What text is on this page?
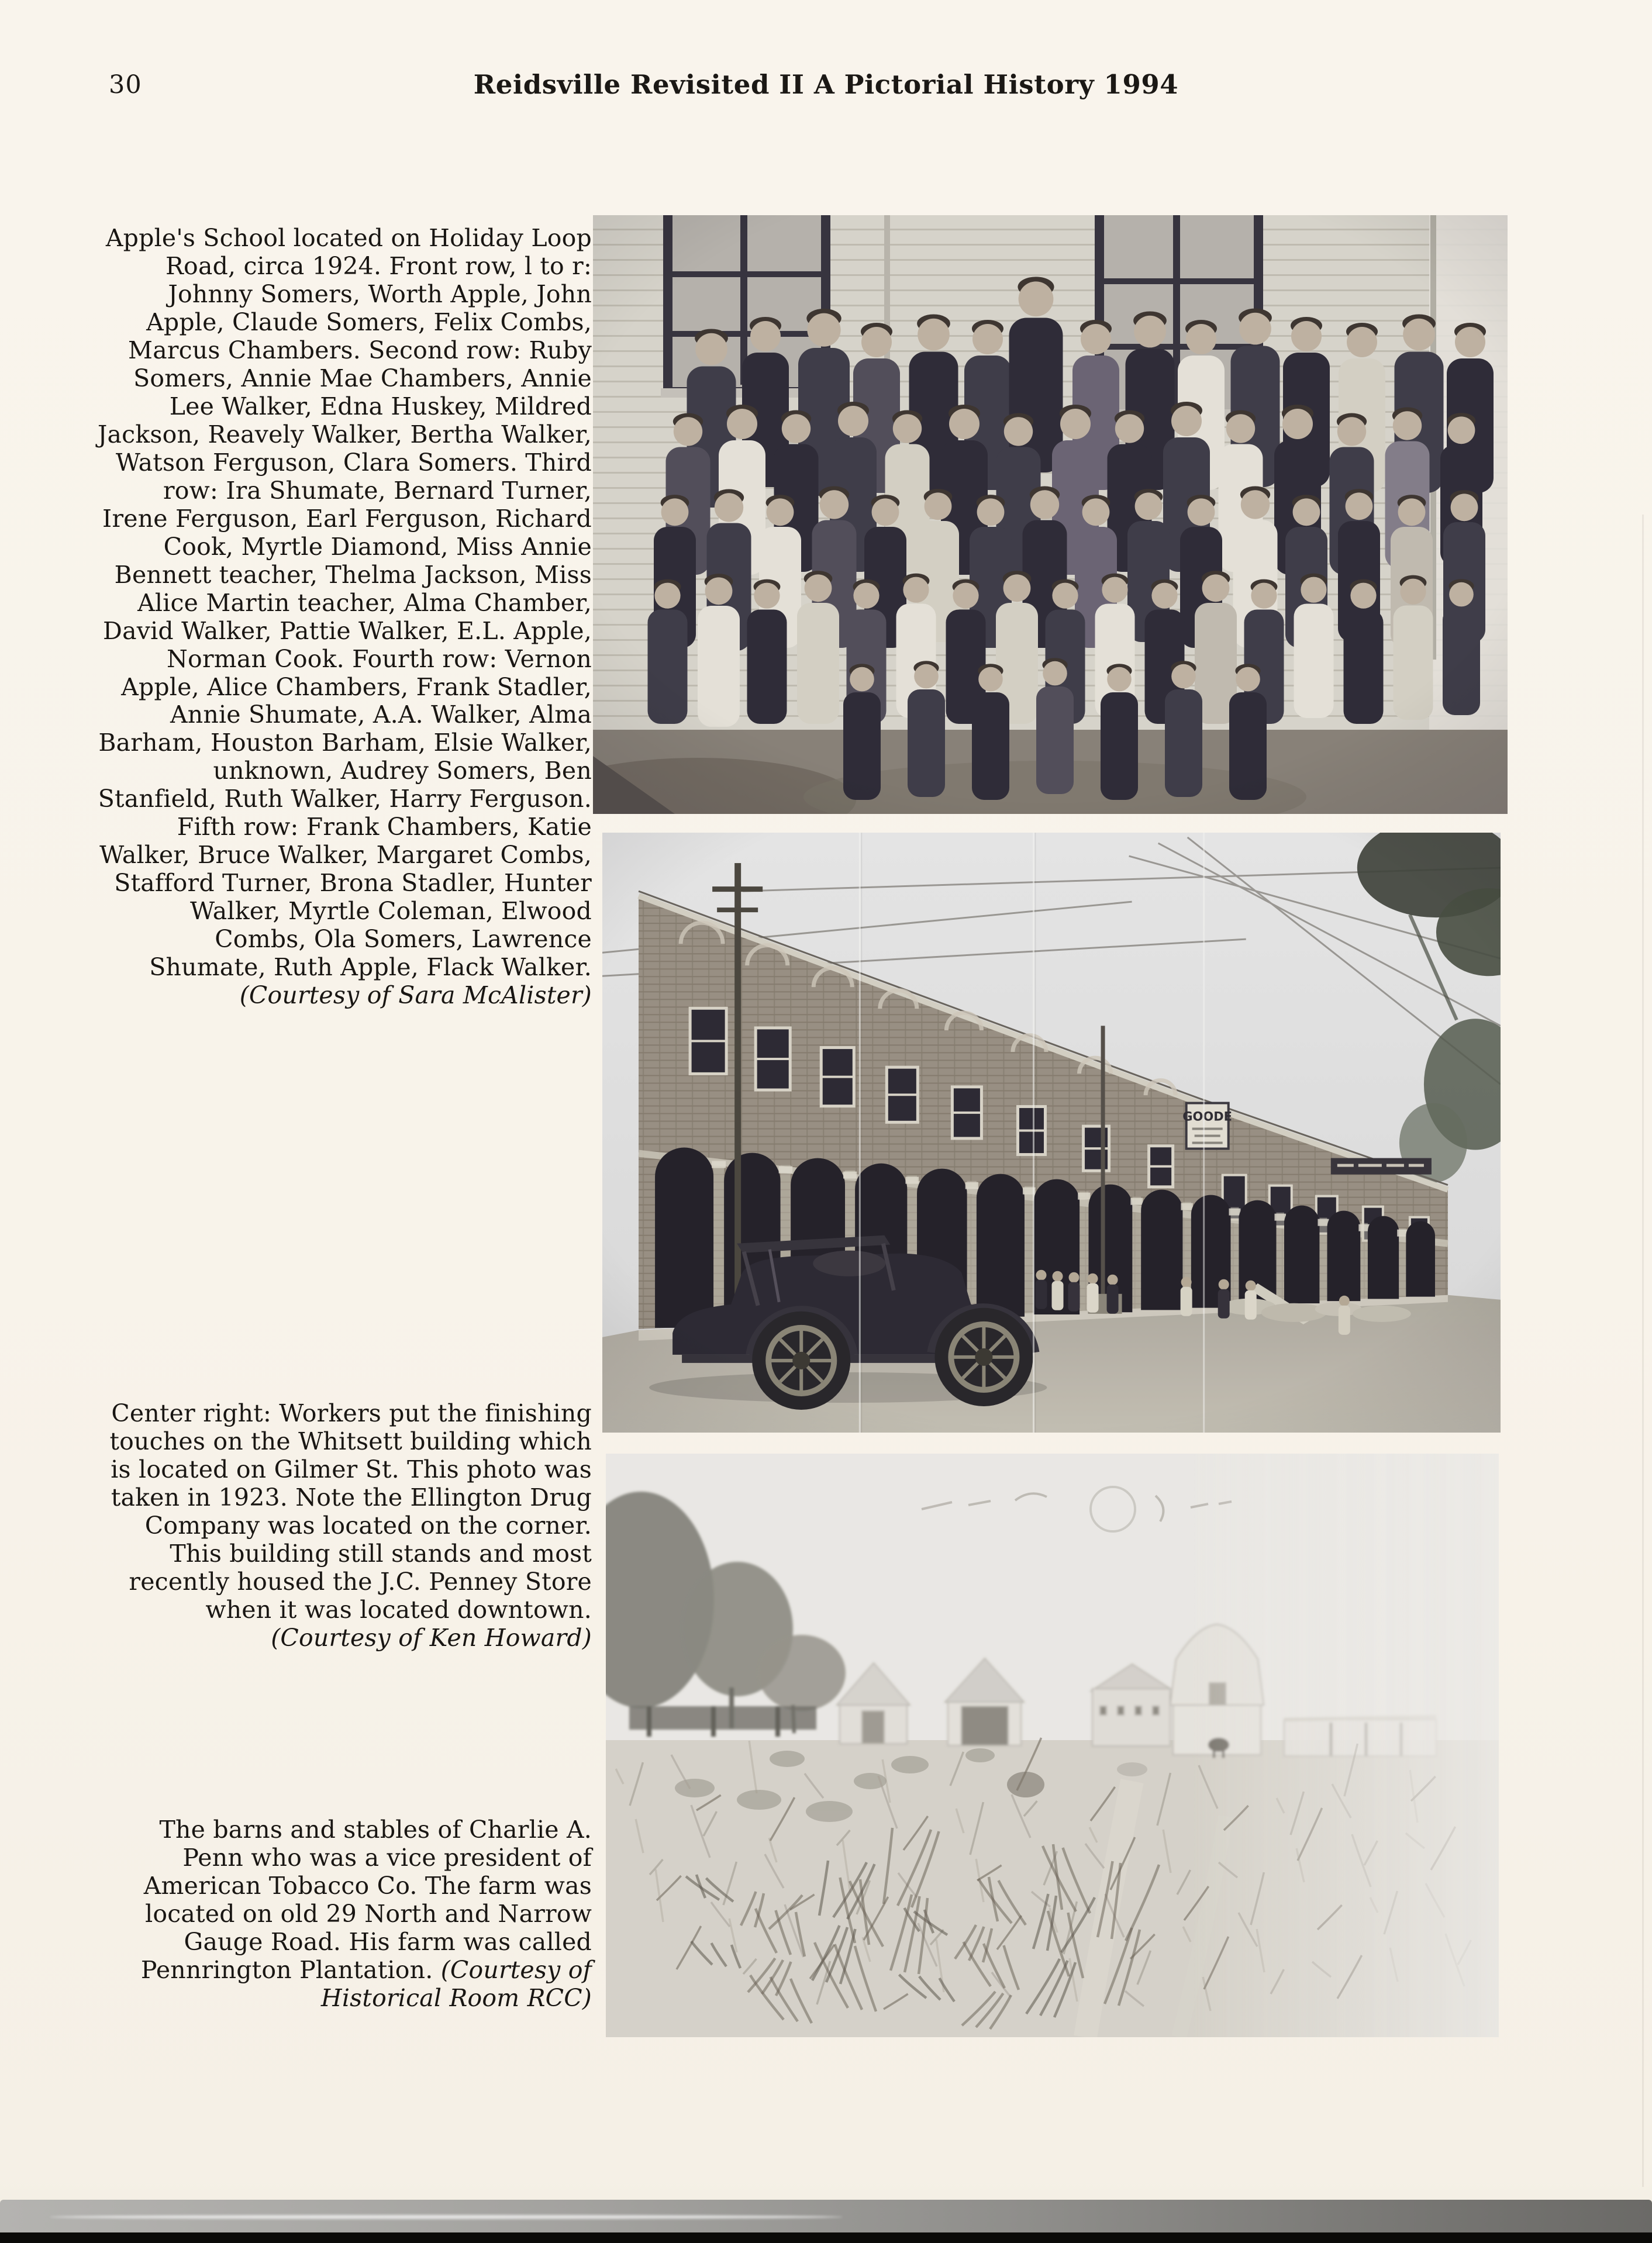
30	Reidsville Revisited II A Pictorial History 1994
Apple's School located on Holiday Loop Road, circa 1924. Front row, l to r: Johnny Somers, Worth Apple, John Apple, Claude Somers, Felix Combs, Marcus Chambers. Second row: Ruby Somers, Annie Mae Chambers, Annie Lee Walker, Edna Huskey, Mildred Jackson, Reavely Walker, Bertha Walker, Watson Ferguson, Clara Somers. Third row: Ira Shumate, Bernard Turner, Irene Ferguson, Earl Ferguson, Richard Cook, Myrtle Diamond, Miss Annie Bennett teacher, Thelma Jackson, Miss Alice Martin teacher, Alma Chamber, David Walker, Pattie Walker, E.L. Apple, Norman Cook. Fourth row: Vernon Apple, Alice Chambers, Frank Stadler, Annie Shumate, A.A. Walker, Alma Barham, Houston Barham, Elsie Walker, unknown, Audrey Somers, Ben Stanfield, Ruth Walker, Harry Ferguson. Fifth row: Frank Chambers, Katie Walker, Bruce Walker, Margaret Combs, Stafford Turner, Brona Stadler, Hunter Walker, Myrtle Coleman, Elwood Combs, Ola Somers, Lawrence Shumate, Ruth Apple, Flack Walker. (Courtesy of Sara McAlister)
Center right: Workers put the finishing touches on the Whitsett building which is located on Gilmer St. This photo was taken in 1923. Note the Ellington Drug Company was located on the corner. This building still stands and most recently housed the J.C. Penney Store when it was located downtown. (Courtesy of Ken Howard)
The barns and stables of Charlie A. Penn who was a vice president of American Tobacco Co. The farm was located on old 29 North and Narrow Gauge Road. His farm was called Pennrington Plantation. (Courtesy of Historical Room RCC)
